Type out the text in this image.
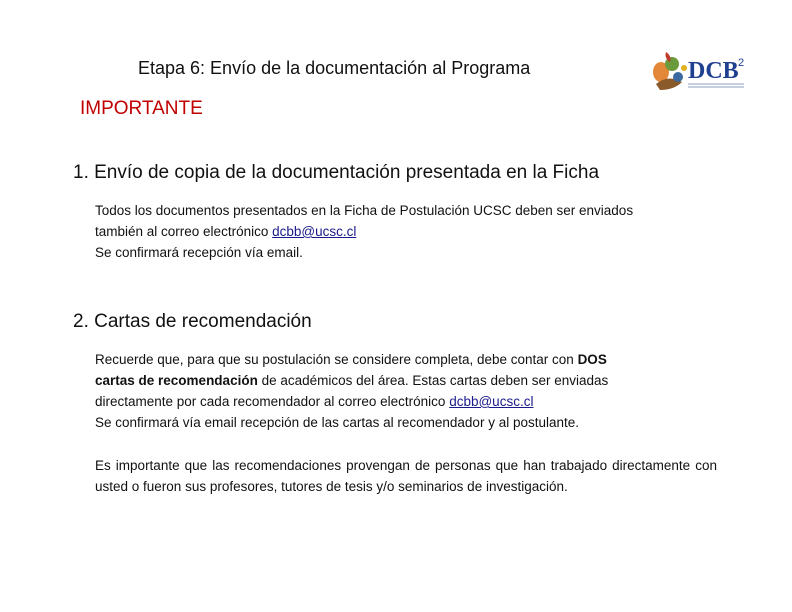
Etapa 6: Envío de la documentación al Programa	DCB 2
IMPORTANTE
1. Envío de copia de la documentación presentada en la Ficha
Todos los documentos presentados en la Ficha de Postulación UCSC deben ser enviados
también al correo electrónico dcbb@ucsc.cl
Se confirmará recepción vía email.
2. Cartas de recomendación
Recuerde que, para que su postulación se considere completa, debe contar con DOS
cartas de recomendación de académicos del área. Estas cartas deben ser enviadas
directamente por cada recomendador al correo electrónico dcbb@ucsc.cl
Se confirmará vía email recepción de las cartas al recomendador y al postulante.
Es importante que las recomendaciones provengan de personas que han trabajado directamente con usted o fueron sus profesores, tutores de tesis y/o seminarios de investigación.
